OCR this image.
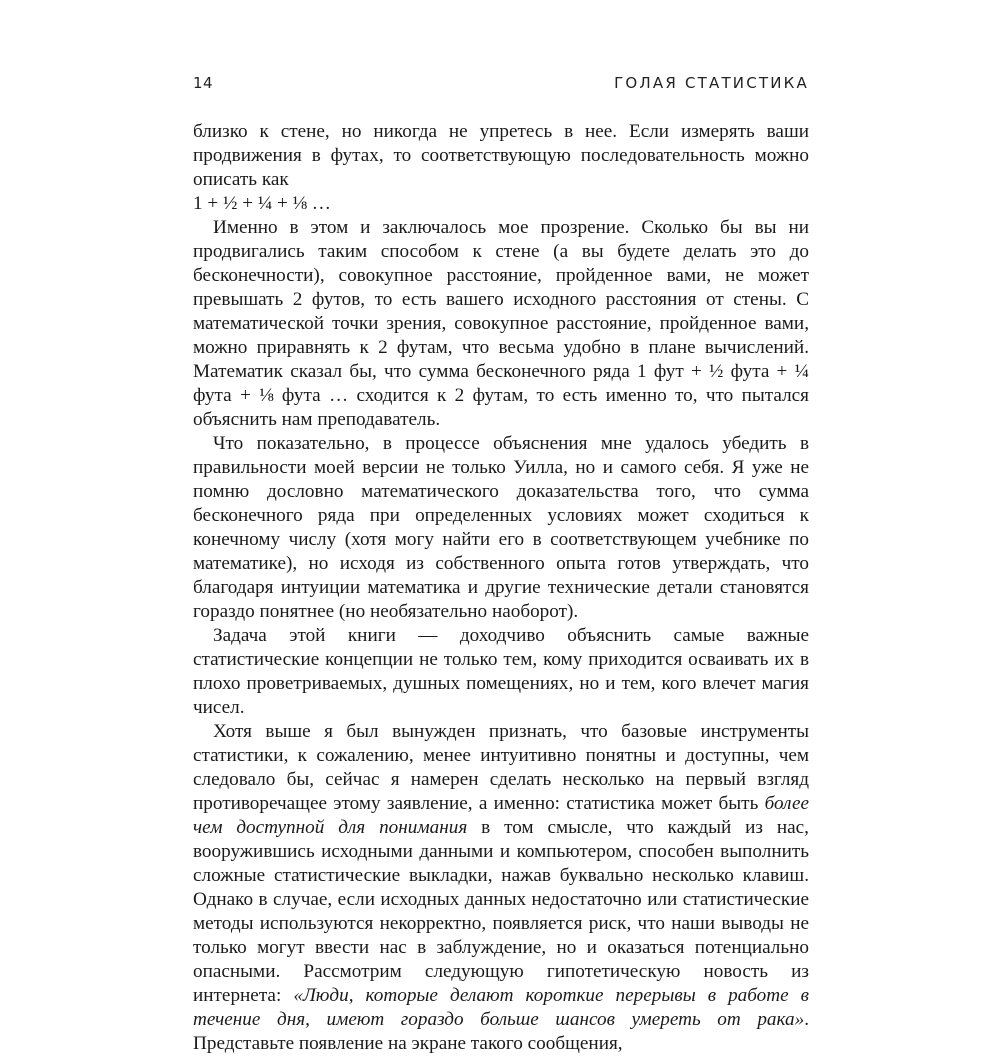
14	ГОЛАЯ СТАТИСТИКА

близко к стене, но никогда не упретесь в нее. Если измерять ваши продвижения в футах, то соответствующую последовательность можно описать как
1 + ½ + ¼ + ⅛ …

Именно в этом и заключалось мое прозрение. Сколько бы вы ни продвигались таким способом к стене (а вы будете делать это до бесконечности), совокупное расстояние, пройденное вами, не может превышать 2 футов, то есть вашего исходного расстояния от стены. С математической точки зрения, совокупное расстояние, пройденное вами, можно приравнять к 2 футам, что весьма удобно в плане вычислений. Математик сказал бы, что сумма бесконечного ряда 1 фут + ½ фута + ¼ фута + ⅛ фута … сходится к 2 футам, то есть именно то, что пытался объяснить нам преподаватель.

Что показательно, в процессе объяснения мне удалось убедить в правильности моей версии не только Уилла, но и самого себя. Я уже не помню дословно математического доказательства того, что сумма бесконечного ряда при определенных условиях может сходиться к конечному числу (хотя могу найти его в соответствующем учебнике по математике), но исходя из собственного опыта готов утверждать, что благодаря интуиции математика и другие технические детали становятся гораздо понятнее (но необязательно наоборот).

Задача этой книги — доходчиво объяснить самые важные статистические концепции не только тем, кому приходится осваивать их в плохо проветриваемых, душных помещениях, но и тем, кого влечет магия чисел.

Хотя выше я был вынужден признать, что базовые инструменты статистики, к сожалению, менее интуитивно понятны и доступны, чем следовало бы, сейчас я намерен сделать несколько на первый взгляд противоречащее этому заявление, а именно: статистика может быть более чем доступной для понимания в том смысле, что каждый из нас, вооружившись исходными данными и компьютером, способен выполнить сложные статистические выкладки, нажав буквально несколько клавиш. Однако в случае, если исходных данных недостаточно или статистические методы используются некорректно, появляется риск, что наши выводы не только могут ввести нас в заблуждение, но и оказаться потенциально опасными. Рассмотрим следующую гипотетическую новость из интернета: «Люди, которые делают короткие перерывы в работе в течение дня, имеют гораздо больше шансов умереть от рака». Представьте появление на экране такого сообщения,
